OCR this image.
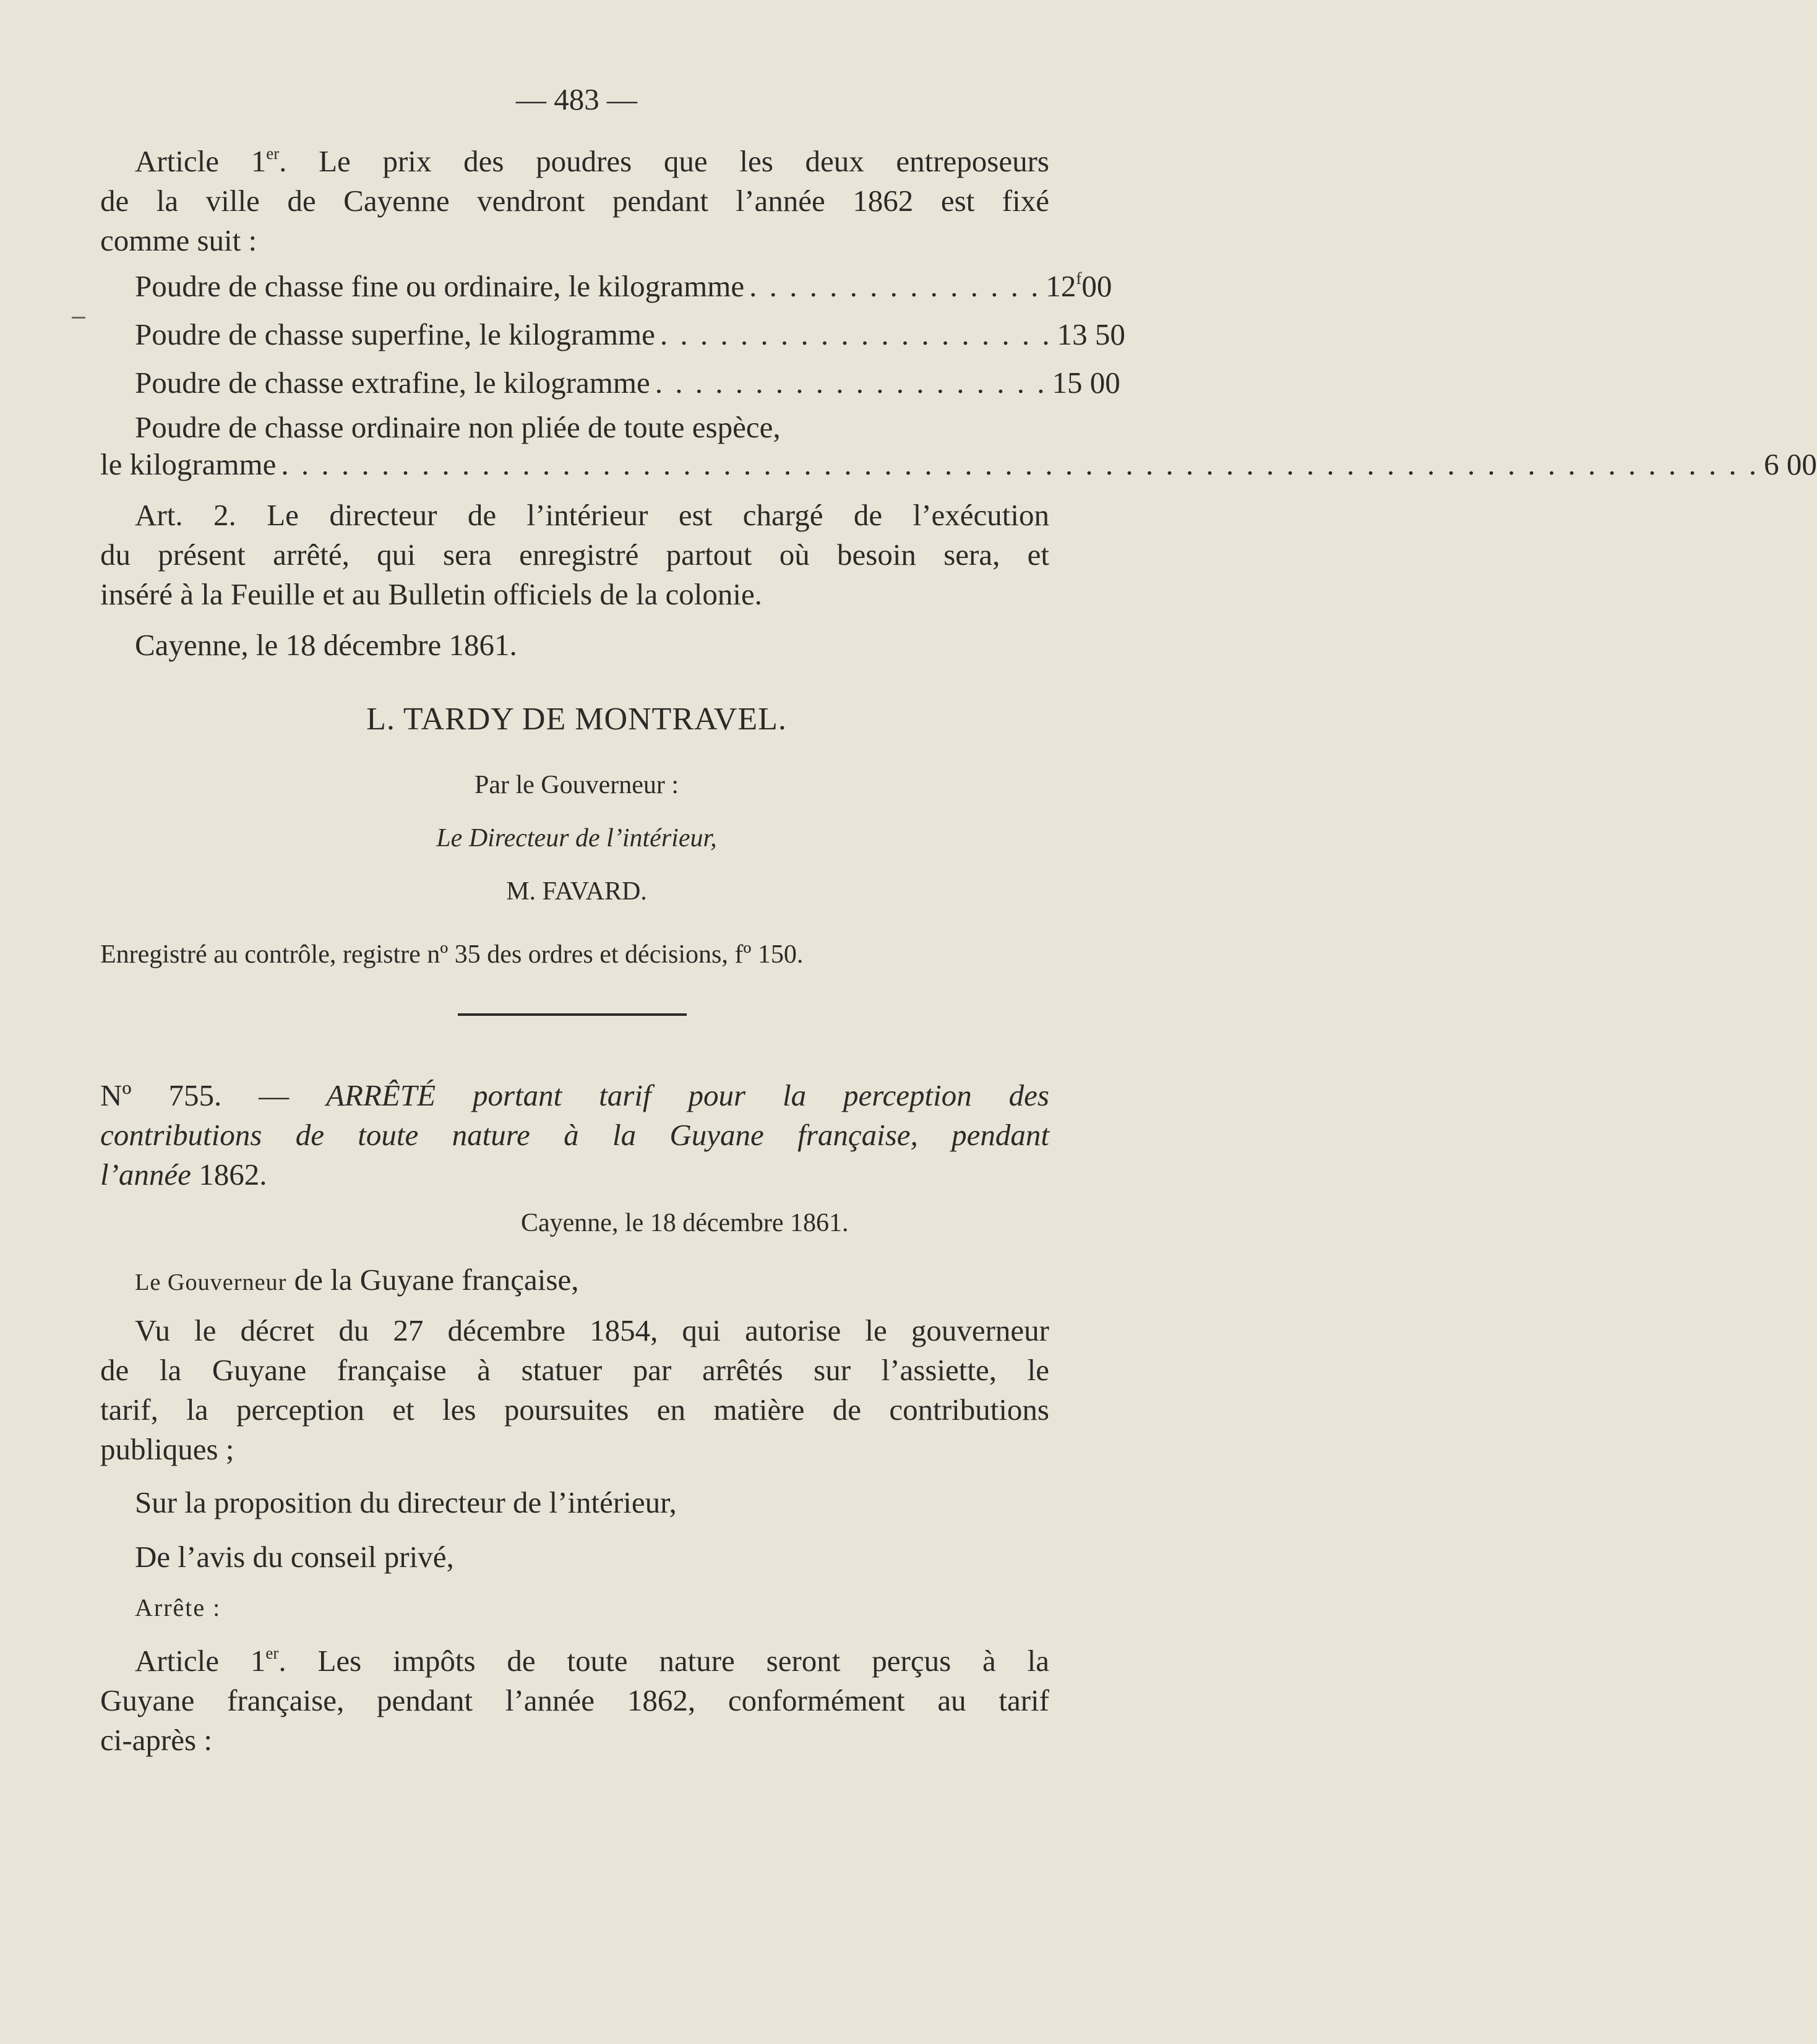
— 483 —

Article 1er. Le prix des poudres que les deux entreposeurs

de la ville de Cayenne vendront pendant l’année 1862 est fixé

comme suit :

Poudre de chasse fine ou ordinaire, le kilogramme . . . . . . . . . . . . . . . 12$^f$00
Poudre de chasse superfine, le kilogramme . . . . . . . . . . . . . . . . . . . . 13 50
Poudre de chasse extrafine, le kilogramme . . . . . . . . . . . . . . . . . . . . 15 00

Poudre de chasse ordinaire non pliée de toute espèce,

le kilogramme . . . . . . . . . . . . . . . . . . . . . . . . . . . . . . . . . . . . . . . . . . . . . . . . . . . . . . . . . . . . . . . . . . . . . . . . . . 6 00

Art. 2. Le directeur de l’intérieur est chargé de l’exécution

du présent arrêté, qui sera enregistré partout où besoin sera, et

inséré à la Feuille et au Bulletin officiels de la colonie.

Cayenne, le 18 décembre 1861.

L. TARDY DE MONTRAVEL.

Par le Gouverneur :

Le Directeur de l’intérieur,

M. FAVARD.

Enregistré au contrôle, registre nº 35 des ordres et décisions, fº 150.

Nº 755. — ARRÊTÉ portant tarif pour la perception des

contributions de toute nature à la Guyane française, pendant

l’année 1862.

Cayenne, le 18 décembre 1861.

Le Gouverneur de la Guyane française,

Vu le décret du 27 décembre 1854, qui autorise le gouverneur

de la Guyane française à statuer par arrêtés sur l’assiette, le

tarif, la perception et les poursuites en matière de contributions

publiques ;

Sur la proposition du directeur de l’intérieur,

De l’avis du conseil privé,

Arrête :

Article 1er. Les impôts de toute nature seront perçus à la

Guyane française, pendant l’année 1862, conformément au tarif

ci-après :
